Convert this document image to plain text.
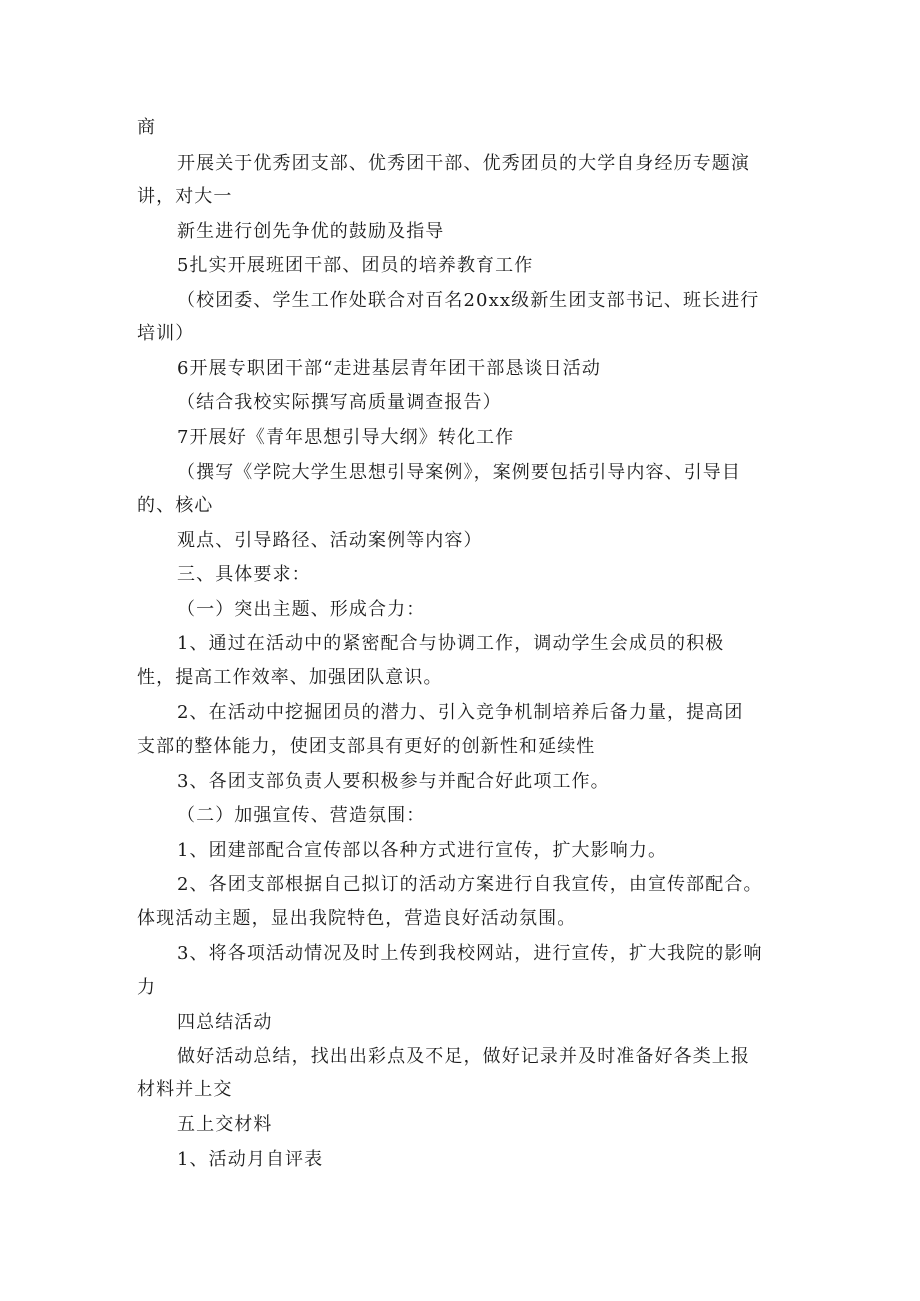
商
开展关于优秀团支部、优秀团干部、优秀团员的大学自身经历专题演
讲，对大一
新生进行创先争优的鼓励及指导
5扎实开展班团干部、团员的培养教育工作
（校团委、学生工作处联合对百名20xx级新生团支部书记、班长进行
培训）
6开展专职团干部“走进基层青年团干部恳谈日活动
（结合我校实际撰写高质量调查报告）
7开展好《青年思想引导大纲》转化工作
（撰写《学院大学生思想引导案例》，案例要包括引导内容、引导目
的、核心
观点、引导路径、活动案例等内容）
三、具体要求：
（一）突出主题、形成合力：
1、通过在活动中的紧密配合与协调工作，调动学生会成员的积极
性，提高工作效率、加强团队意识。
2、在活动中挖掘团员的潜力、引入竞争机制培养后备力量，提高团
支部的整体能力，使团支部具有更好的创新性和延续性
3、各团支部负责人要积极参与并配合好此项工作。
（二）加强宣传、营造氛围：
1、团建部配合宣传部以各种方式进行宣传，扩大影响力。
2、各团支部根据自己拟订的活动方案进行自我宣传，由宣传部配合。
体现活动主题，显出我院特色，营造良好活动氛围。
3、将各项活动情况及时上传到我校网站，进行宣传，扩大我院的影响
力
四总结活动
做好活动总结，找出出彩点及不足，做好记录并及时准备好各类上报
材料并上交
五上交材料
1、活动月自评表
